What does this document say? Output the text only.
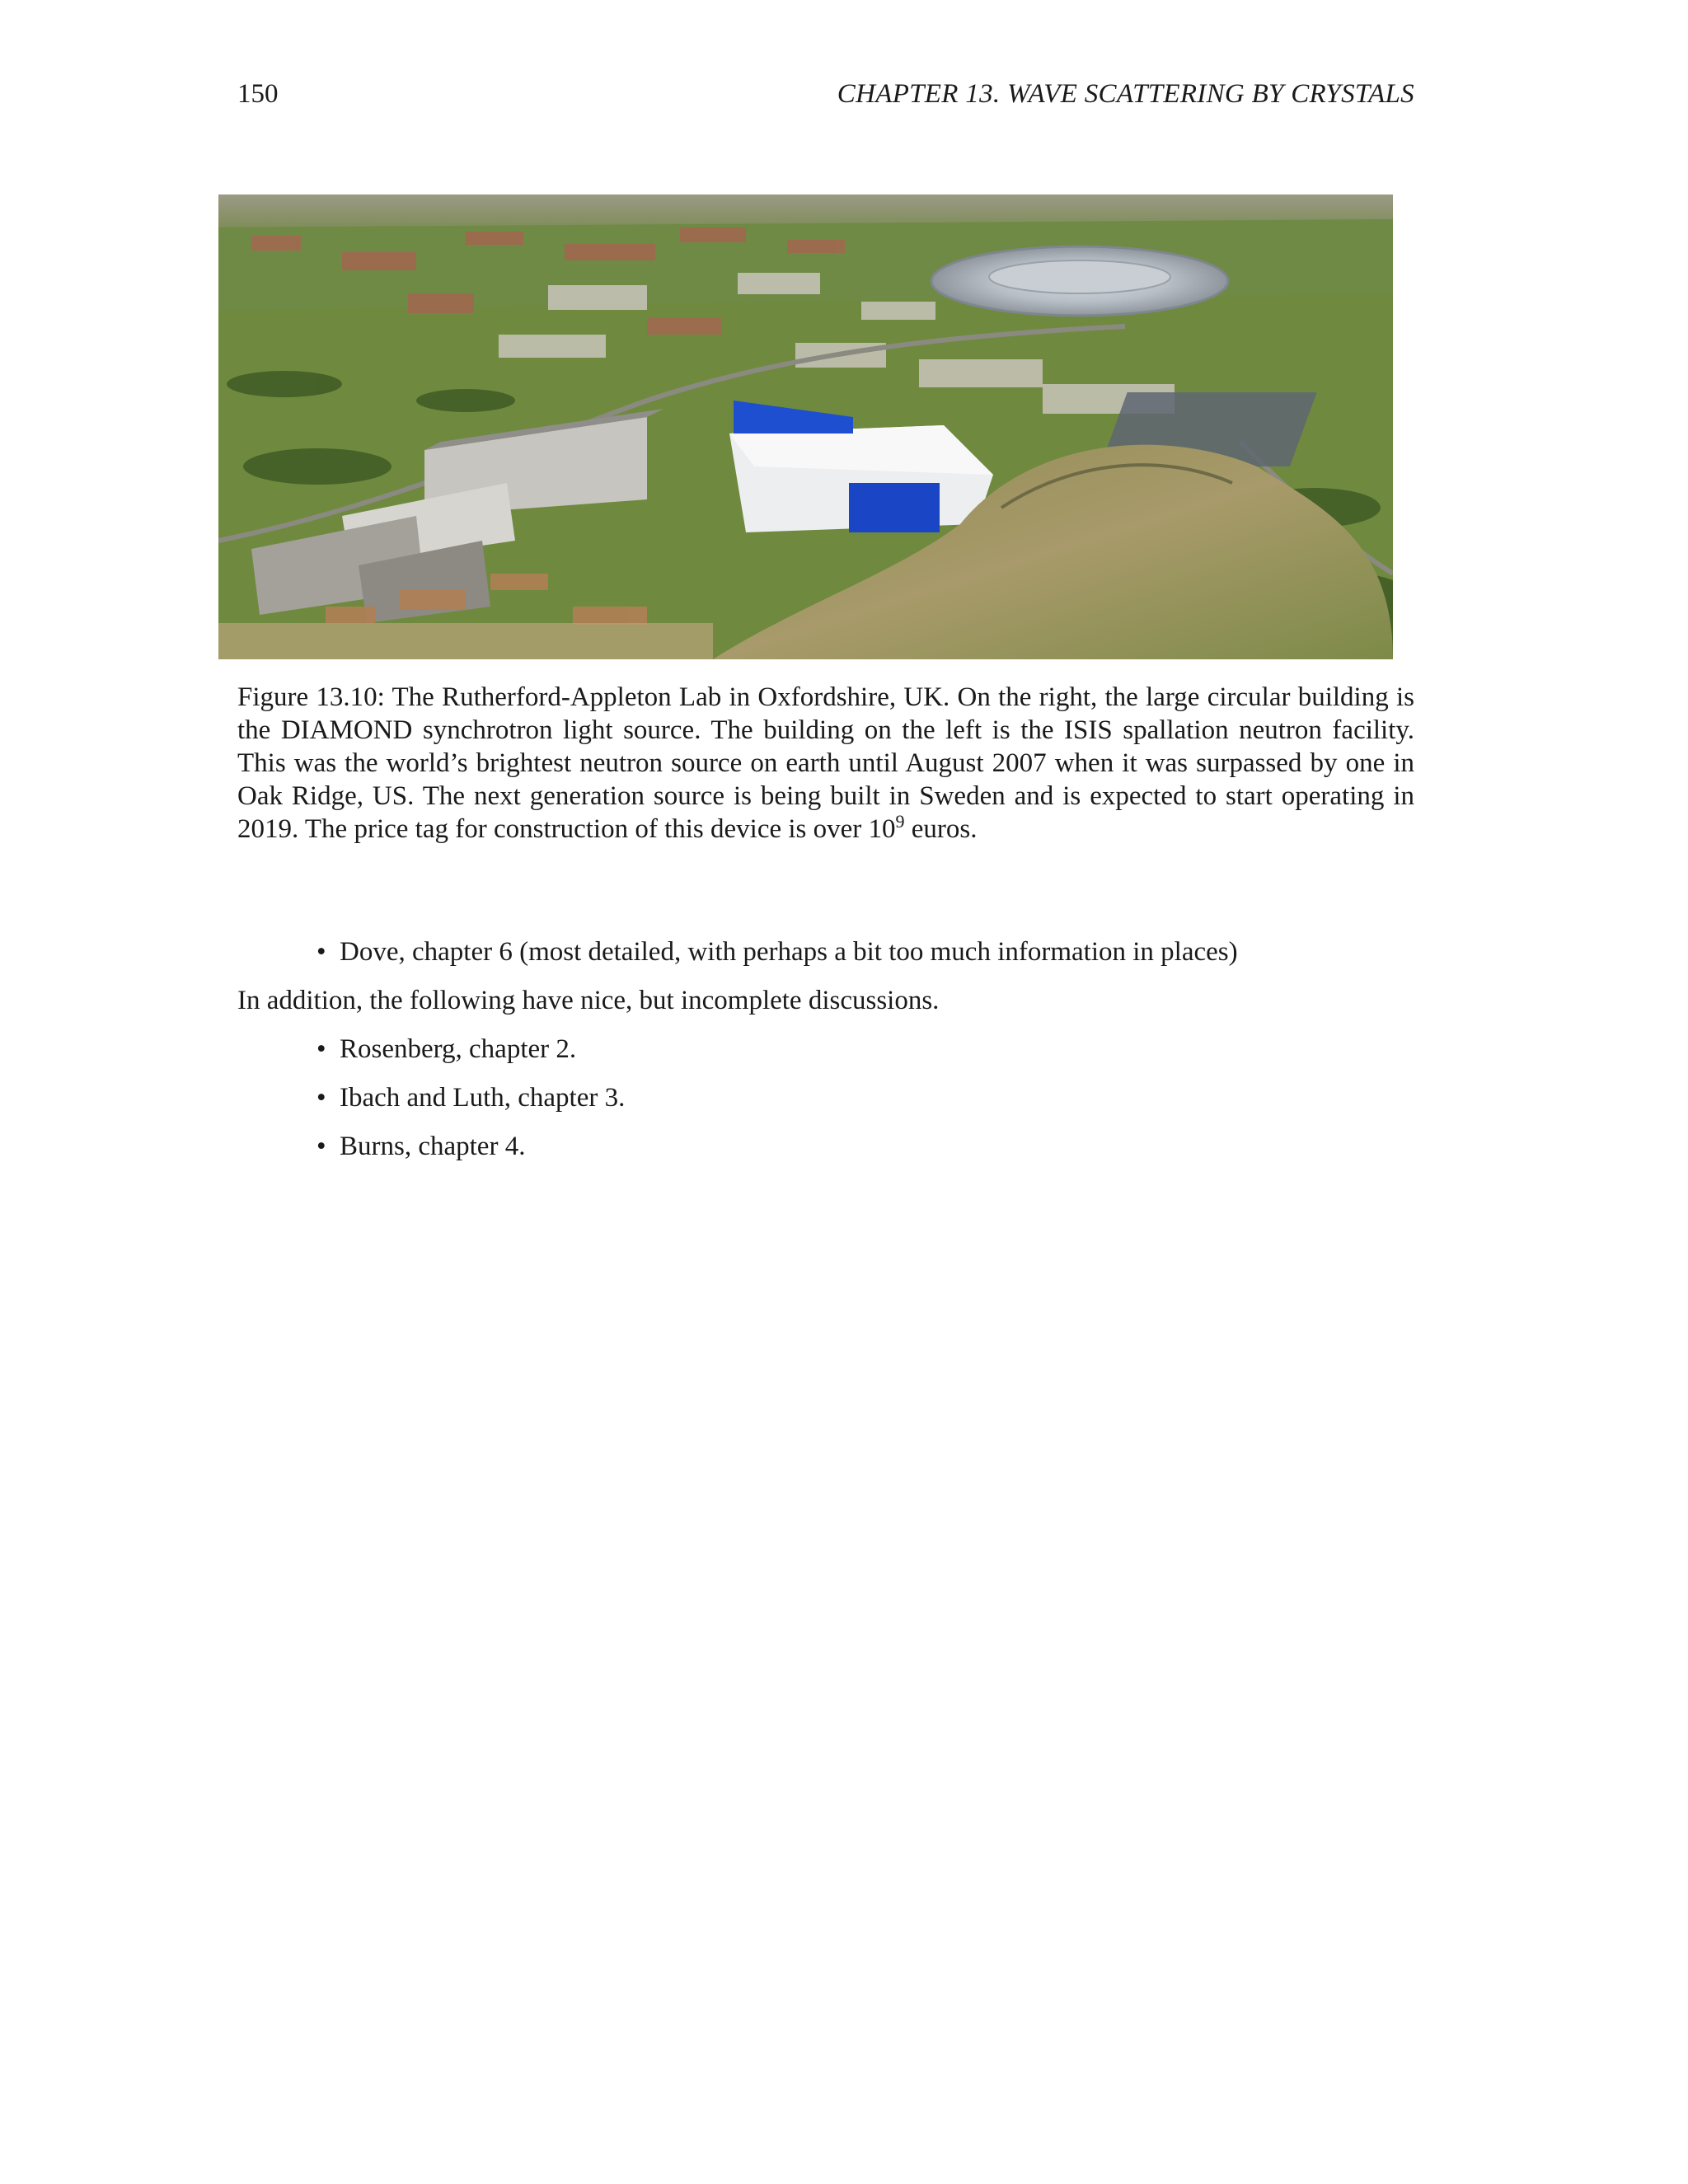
150	CHAPTER 13. WAVE SCATTERING BY CRYSTALS
Figure 13.10: The Rutherford-Appleton Lab in Oxfordshire, UK. On the right, the large circular building is the DIAMOND synchrotron light source. The building on the left is the ISIS spallation neutron facility. This was the world’s brightest neutron source on earth until August 2007 when it was surpassed by one in Oak Ridge, US. The next generation source is being built in Sweden and is expected to start operating in 2019. The price tag for construction of this device is over $10^9$ euros.
• Dove, chapter 6 (most detailed, with perhaps a bit too much information in places)
In addition, the following have nice, but incomplete discussions.
• Rosenberg, chapter 2.
• Ibach and Luth, chapter 3.
• Burns, chapter 4.
